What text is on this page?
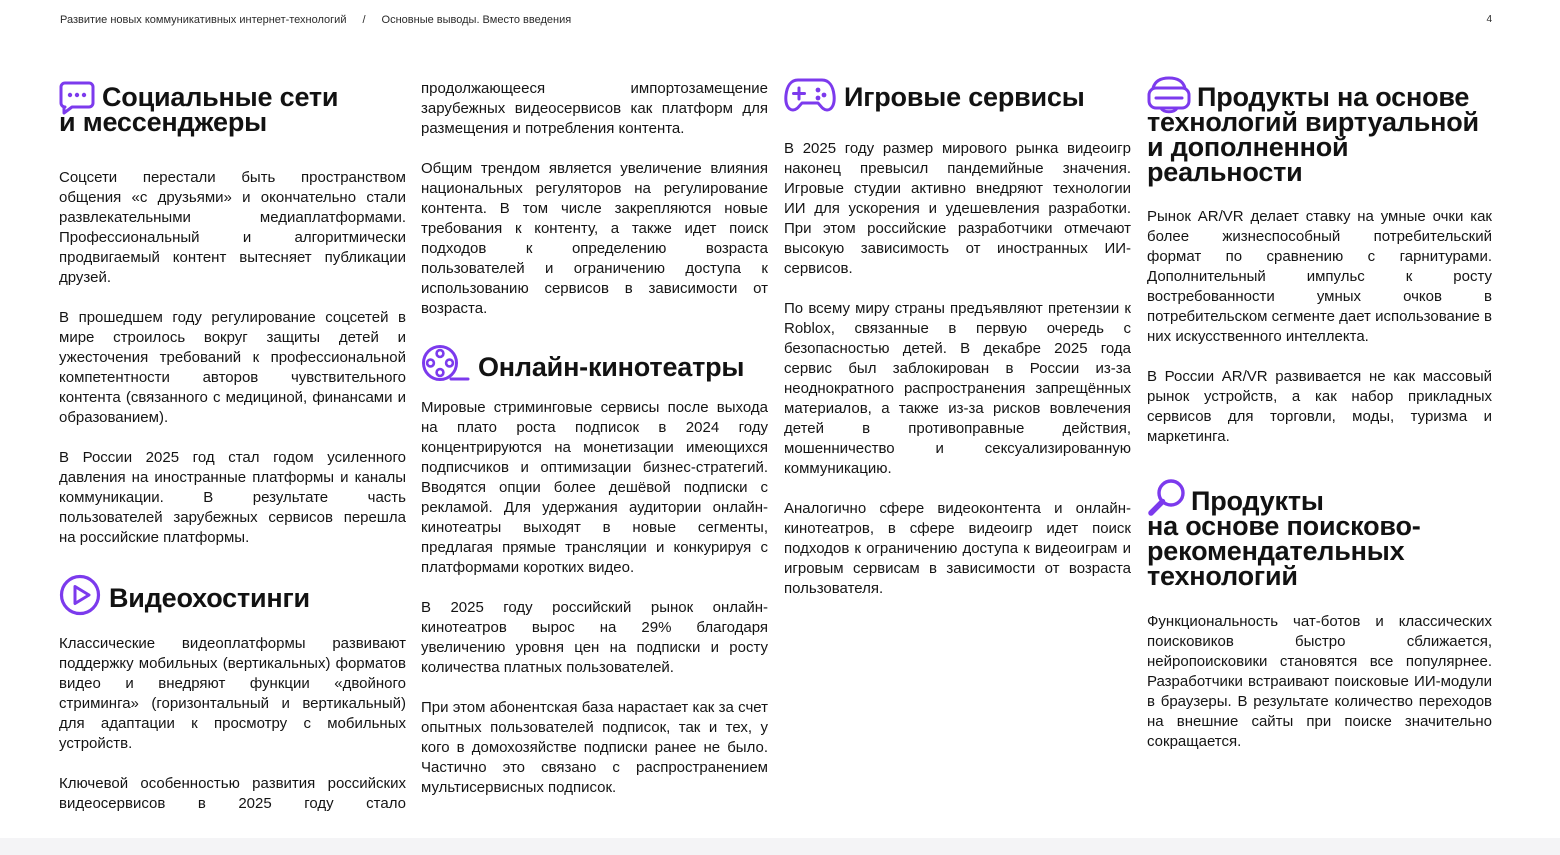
Развитие новых коммуникативных интернет-технологий / Основные выводы. Вместо введения	4
Социальные сети
и мессенджеры

Соцсети перестали быть пространством общения «с друзьями» и окончательно стали развлекательными медиаплатформами. Профессиональный и алгоритмически продвигаемый контент вытесняет публикации друзей.

В прошедшем году регулирование соцсетей в мире строилось вокруг защиты детей и ужесточения требований к профессиональной компетентности авторов чувствительного контента (связанного с медициной, финансами и образованием).

В России 2025 год стал годом усиленного давления на иностранные платформы и каналы коммуникации. В результате часть пользователей зарубежных сервисов перешла на российские платформы.

Видеохостинги

Классические видеоплатформы развивают поддержку мобильных (вертикальных) форматов видео и внедряют функции «двойного стриминга» (горизонтальный и вертикальный) для адаптации к просмотру с мобильных устройств.

Ключевой особенностью развития российских видеосервисов в 2025 году стало

продолжающееся импортозамещение зарубежных видеосервисов как платформ для размещения и потребления контента.

Общим трендом является увеличение влияния национальных регуляторов на регулирование контента. В том числе закрепляются новые требования к контенту, а также идет поиск подходов к определению возраста пользователей и ограничению доступа к использованию сервисов в зависимости от возраста.

Онлайн-кинотеатры

Мировые стриминговые сервисы после выхода на плато роста подписок в 2024 году концентрируются на монетизации имеющихся подписчиков и оптимизации бизнес-стратегий. Вводятся опции более дешёвой подписки с рекламой. Для удержания аудитории онлайн-кинотеатры выходят в новые сегменты, предлагая прямые трансляции и конкурируя с платформами коротких видео.

В 2025 году российский рынок онлайн-кинотеатров вырос на 29% благодаря увеличению уровня цен на подписки и росту количества платных пользователей.

При этом абонентская база нарастает как за счет опытных пользователей подписок, так и тех, у кого в домохозяйстве подписки ранее не было. Частично это связано с распространением мультисервисных подписок.

Игровые сервисы

В 2025 году размер мирового рынка видеоигр наконец превысил пандемийные значения. Игровые студии активно внедряют технологии ИИ для ускорения и удешевления разработки. При этом российские разработчики отмечают высокую зависимость от иностранных ИИ-сервисов.

По всему миру страны предъявляют претензии к Roblox, связанные в первую очередь с безопасностью детей. В декабре 2025 года сервис был заблокирован в России из-за неоднократного распространения запрещённых материалов, а также из-за рисков вовлечения детей в противоправные действия, мошенничество и сексуализированную коммуникацию.

Аналогично сфере видеоконтента и онлайн-кинотеатров, в сфере видеоигр идет поиск подходов к ограничению доступа к видеоиграм и игровым сервисам в зависимости от возраста пользователя.

Продукты на основе
технологий виртуальной
и дополненной
реальности

Рынок AR/VR делает ставку на умные очки как более жизнеспособный потребительский формат по сравнению с гарнитурами. Дополнительный импульс к росту востребованности умных очков в потребительском сегменте дает использование в них искусственного интеллекта.

В России AR/VR развивается не как массовый рынок устройств, а как набор прикладных сервисов для торговли, моды, туризма и маркетинга.

Продукты
на основе поисково-
рекомендательных
технологий

Функциональность чат-ботов и классических поисковиков быстро сближается, нейропоисковики становятся все популярнее. Разработчики встраивают поисковые ИИ-модули в браузеры. В результате количество переходов на внешние сайты при поиске значительно сокращается.
